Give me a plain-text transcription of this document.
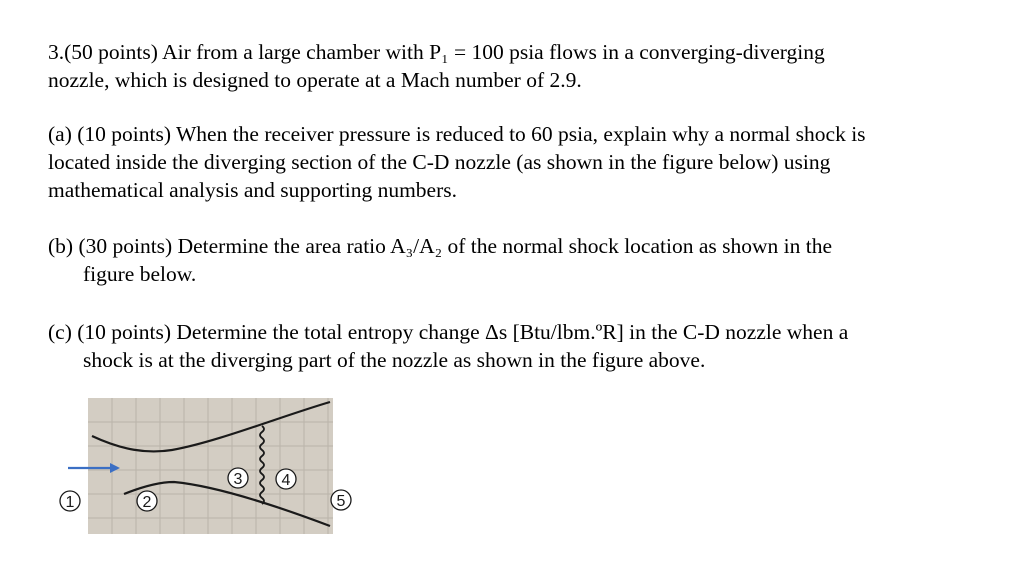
3.(50 points) Air from a large chamber with P₁ = 100 psia flows in a converging-diverging
nozzle, which is designed to operate at a Mach number of 2.9.
(a) (10 points) When the receiver pressure is reduced to 60 psia, explain why a normal shock is
located inside the diverging section of the C-D nozzle (as shown in the figure below) using
mathematical analysis and supporting numbers.
(b) (30 points) Determine the area ratio A₃/A₂ of the normal shock location as shown in the
figure below.
(c) (10 points) Determine the total entropy change Δs [Btu/lbm.ºR] in the C-D nozzle when a
shock is at the diverging part of the nozzle as shown in the figure above.
1	2
3 4
5
